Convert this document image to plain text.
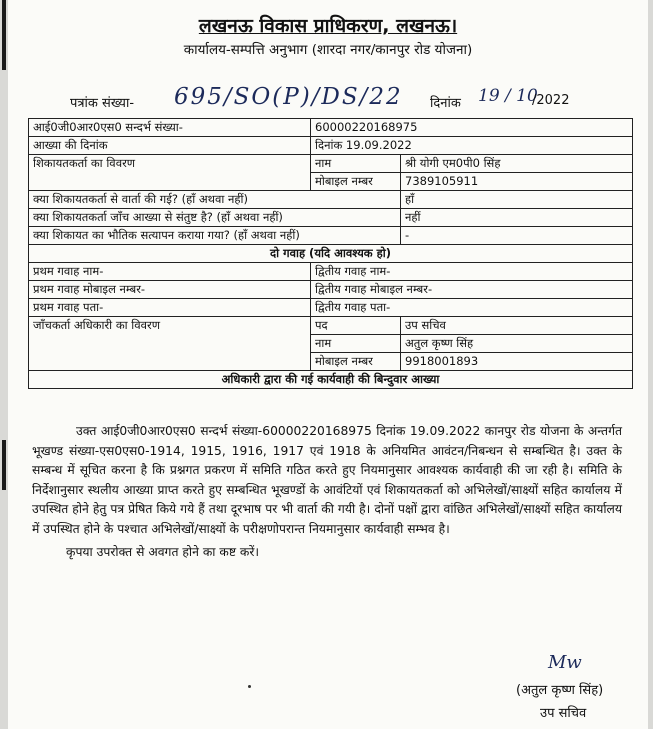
लखनऊ विकास प्राधिकरण, लखनऊ।
कार्यालय-सम्पत्ति अनुभाग (शारदा नगर/कानपुर रोड योजना)
पत्रांक संख्या- 695/SO(P)/DS/22 दिनांक 19 / 10
/2022
आई0जी0आर0एस0 सन्दर्भ संख्या-	60000220168975	
आख्या की दिनांक	दिनांक 19.09.2022	
शिकायतकर्ता का विवरण	नाम	श्री योगी एम0पी0 सिंह
	मोबाइल नम्बर	7389105911
क्या शिकायतकर्ता से वार्ता की गई? (हाँ अथवा नहीं)		हाँ
क्या शिकायतकर्ता जाँच आख्या से संतुष्ट है? (हाँ अथवा नहीं)		नहीं
क्या शिकायत का भौतिक सत्यापन कराया गया? (हाँ अथवा नहीं)		-
दो गवाह (यदि आवश्यक हो)		
प्रथम गवाह नाम-	द्वितीय गवाह नाम-	
प्रथम गवाह मोबाइल नम्बर-	द्वितीय गवाह मोबाइल नम्बर-	
प्रथम गवाह पता-	द्वितीय गवाह पता-	
जाँचकर्ता अधिकारी का विवरण	पद	उप सचिव
	नाम	अतुल कृष्ण सिंह
	मोबाइल नम्बर	9918001893
अधिकारी द्वारा की गई कार्यवाही की बिन्दुवार आख्या		

उक्त आई0जी0आर0एस0 सन्दर्भ संख्या-60000220168975 दिनांक 19.09.2022 कानपुर रोड योजना के अन्तर्गत भूखण्ड संख्या-एस0एस0-1914, 1915, 1916, 1917 एवं 1918 के अनियमित आवंटन/निबन्धन से सम्बन्धित है। उक्त के सम्बन्ध में सूचित करना है कि प्रश्नगत प्रकरण में समिति गठित करते हुए नियमानुसार आवश्यक कार्यवाही की जा रही है। समिति के निर्देशानुसार स्थलीय आख्या प्राप्त करते हुए सम्बन्धित भूखण्डों के आवंटियों एवं शिकायतकर्ता को अभिलेखों/साक्ष्यों सहित कार्यालय में उपस्थित होने हेतु पत्र प्रेषित किये गये हैं तथा दूरभाष पर भी वार्ता की गयी है। दोनों पक्षों द्वारा वांछित अभिलेखों/साक्ष्यों सहित कार्यालय में उपस्थित होने के पश्चात अभिलेखों/साक्ष्यों के परीक्षणोपरान्त नियमानुसार कार्यवाही सम्भव है।

कृपया उपरोक्त से अवगत होने का कष्ट करें।

Mw
(अतुल कृष्ण सिंह)
उप सचिव
